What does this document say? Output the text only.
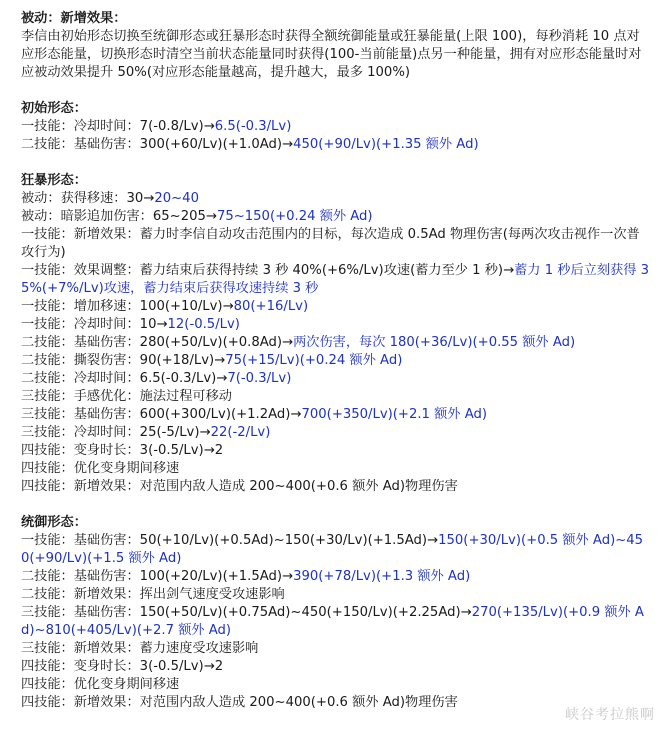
被动：新增效果：
李信由初始形态切换至统御形态或狂暴形态时获得全额统御能量或狂暴能量(上限 100)，每秒消耗 10 点对应形态能量，切换形态时清空当前状态能量同时获得(100-当前能量)点另一种能量，拥有对应形态能量时对应被动效果提升 50%(对应形态能量越高，提升越大，最多 100%)
初始形态：
一技能：冷却时间：7(-0.8/Lv)→6.5(-0.3/Lv)
二技能：基础伤害：300(+60/Lv)(+1.0Ad)→450(+90/Lv)(+1.35 额外 Ad)
狂暴形态：
被动：获得移速：30→20~40
被动：暗影追加伤害：65~205→75~150(+0.24 额外 Ad)
一技能：新增效果：蓄力时李信自动攻击范围内的目标，每次造成 0.5Ad 物理伤害(每两次攻击视作一次普攻行为)
一技能：效果调整：蓄力结束后获得持续 3 秒 40%(+6%/Lv)攻速(蓄力至少 1 秒)→蓄力 1 秒后立刻获得 35%(+7%/Lv)攻速，蓄力结束后获得攻速持续 3 秒
一技能：增加移速：100(+10/Lv)→80(+16/Lv)
一技能：冷却时间：10→12(-0.5/Lv)
二技能：基础伤害：280(+50/Lv)(+0.8Ad)→两次伤害，每次 180(+36/Lv)(+0.55 额外 Ad)
二技能：撕裂伤害：90(+18/Lv)→75(+15/Lv)(+0.24 额外 Ad)
二技能：冷却时间：6.5(-0.3/Lv)→7(-0.3/Lv)
三技能：手感优化：施法过程可移动
三技能：基础伤害：600(+300/Lv)(+1.2Ad)→700(+350/Lv)(+2.1 额外 Ad)
三技能：冷却时间：25(-5/Lv)→22(-2/Lv)
四技能：变身时长：3(-0.5/Lv)→2
四技能：优化变身期间移速
四技能：新增效果：对范围内敌人造成 200~400(+0.6 额外 Ad)物理伤害
统御形态：
一技能：基础伤害：50(+10/Lv)(+0.5Ad)~150(+30/Lv)(+1.5Ad)→150(+30/Lv)(+0.5 额外 Ad)~450(+90/Lv)(+1.5 额外 Ad)
二技能：基础伤害：100(+20/Lv)(+1.5Ad)→390(+78/Lv)(+1.3 额外 Ad)
二技能：新增效果：挥出剑气速度受攻速影响
三技能：基础伤害：150(+50/Lv)(+0.75Ad)~450(+150/Lv)(+2.25Ad)→270(+135/Lv)(+0.9 额外 Ad)~810(+405/Lv)(+2.7 额外 Ad)
三技能：新增效果：蓄力速度受攻速影响
四技能：变身时长：3(-0.5/Lv)→2
四技能：优化变身期间移速
四技能：新增效果：对范围内敌人造成 200~400(+0.6 额外 Ad)物理伤害
峡谷考拉熊啊
